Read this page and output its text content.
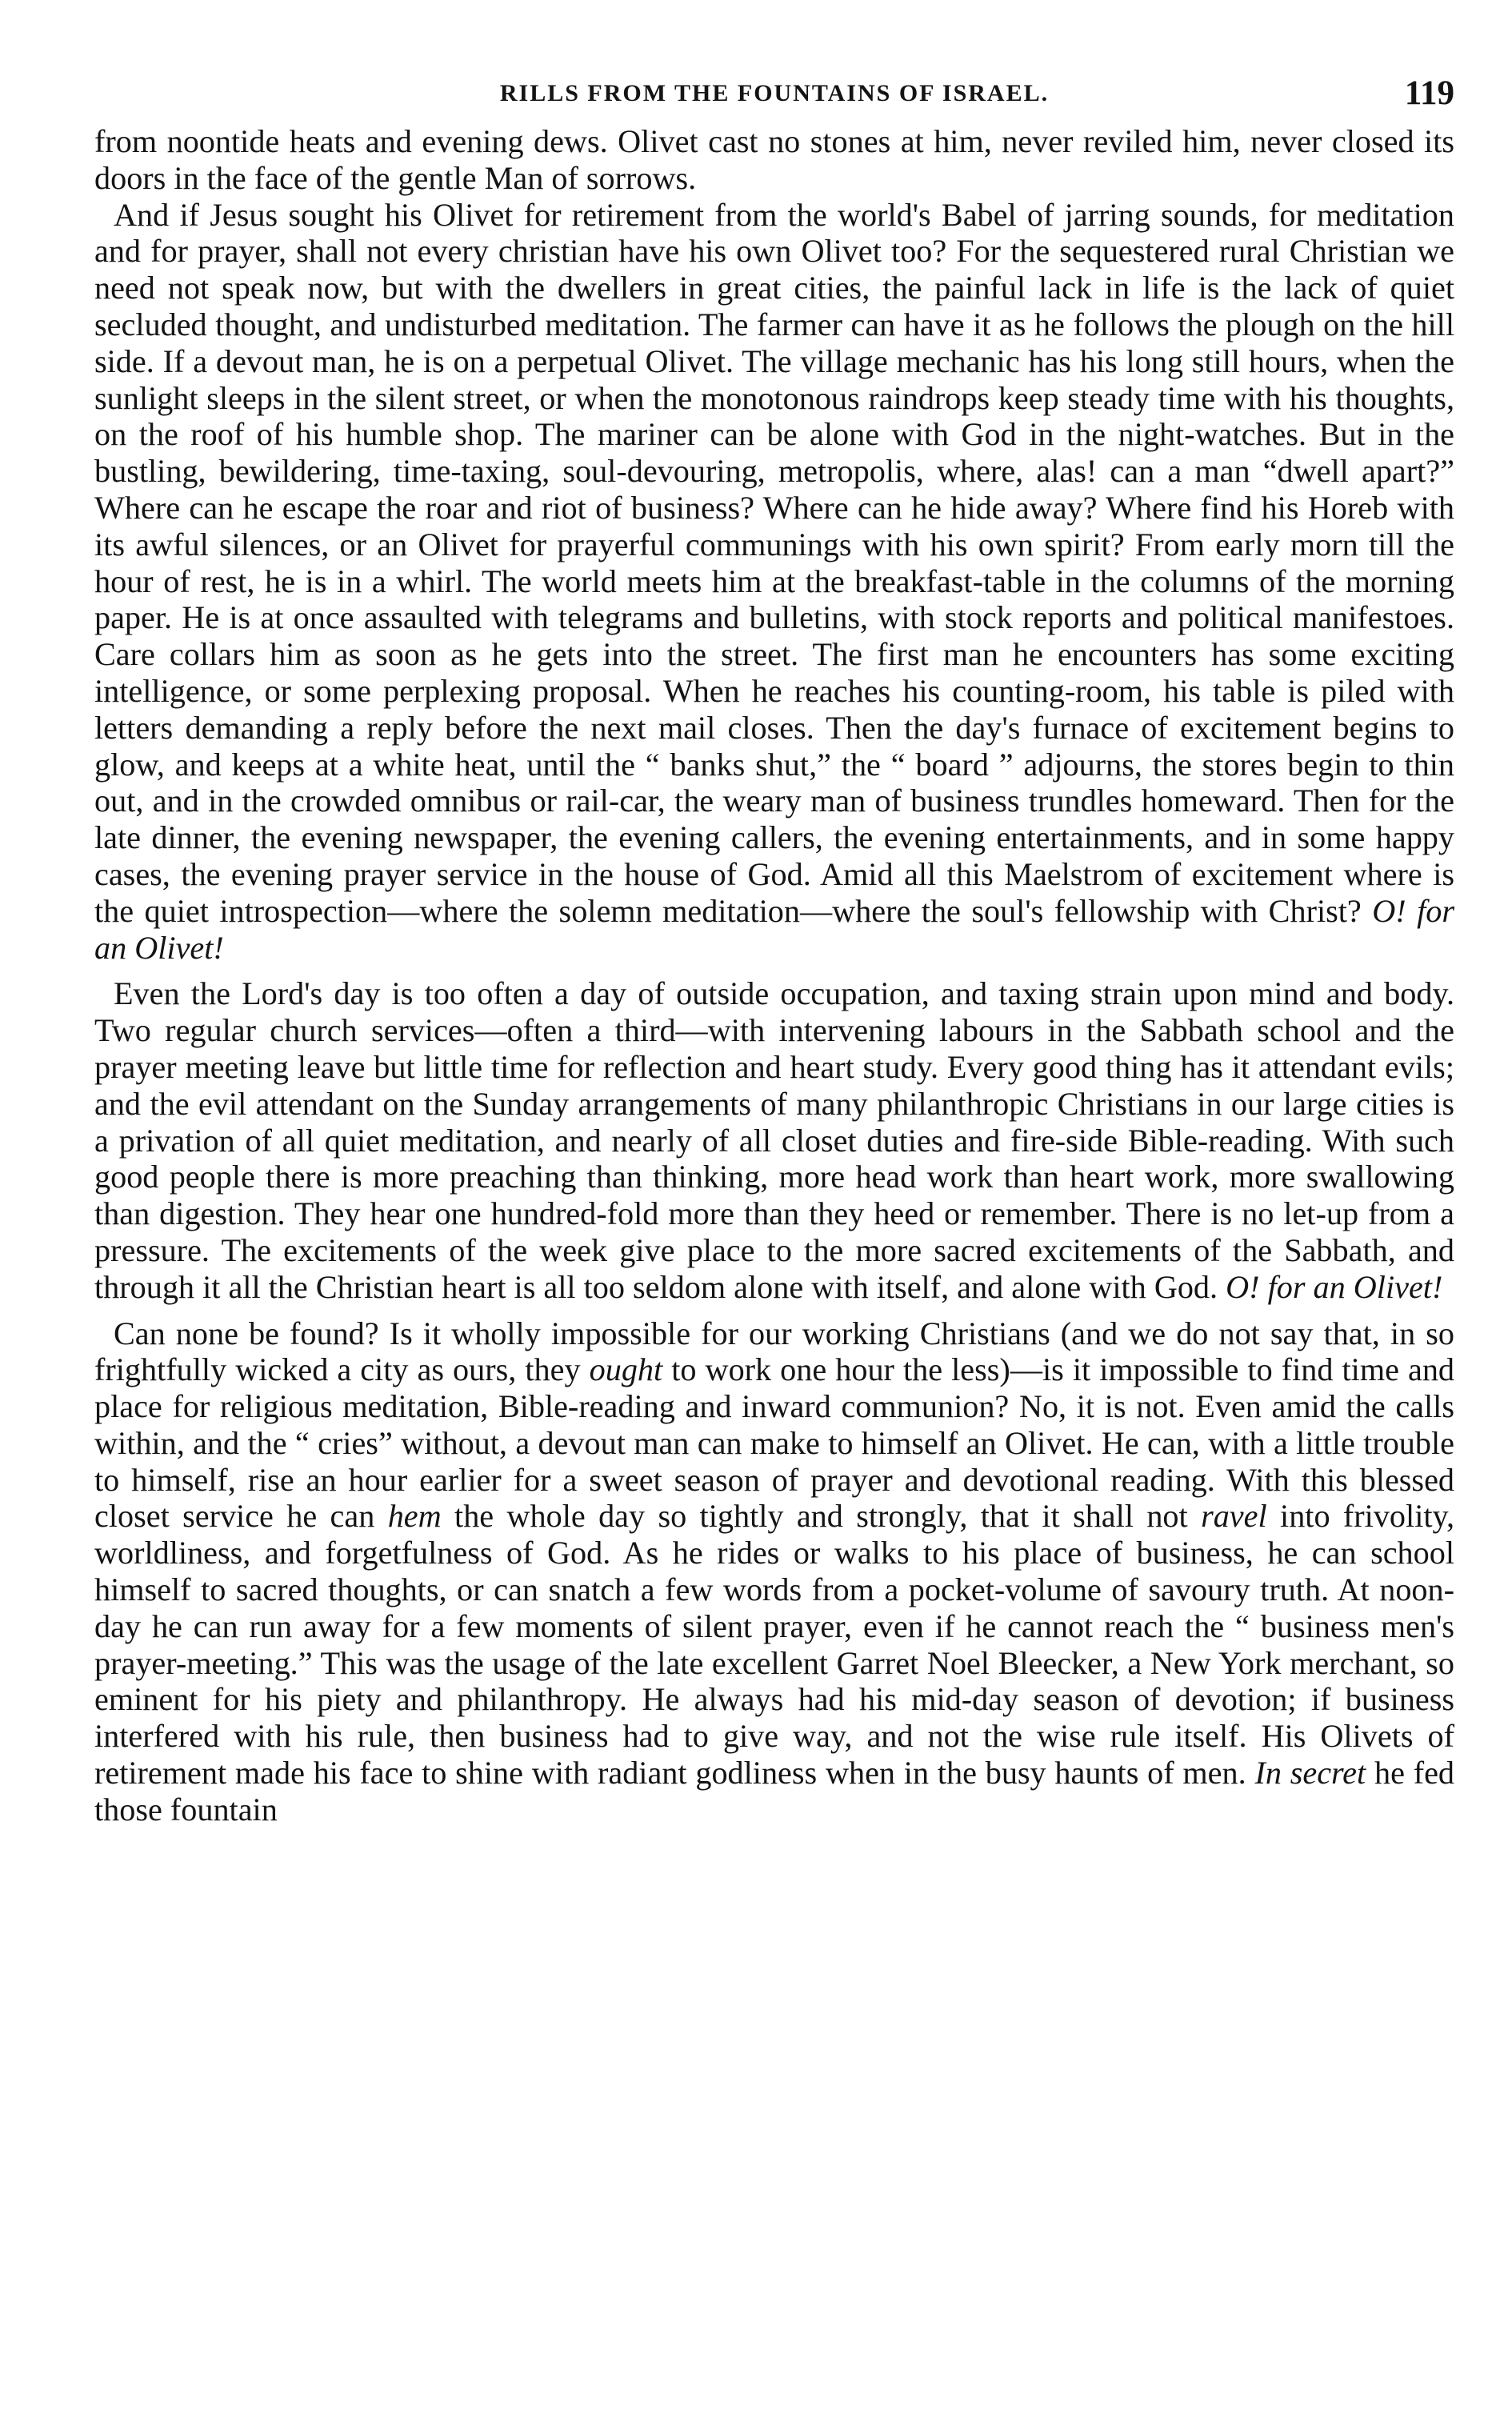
RILLS FROM THE FOUNTAINS OF ISRAEL.	119

from noontide heats and evening dews. Olivet cast no stones at him, never reviled him, never closed its doors in the face of the gentle Man of sorrows.

And if Jesus sought his Olivet for retirement from the world's Babel of jarring sounds, for meditation and for prayer, shall not every christian have his own Olivet too? For the sequestered rural Christian we need not speak now, but with the dwellers in great cities, the painful lack in life is the lack of quiet secluded thought, and undisturbed meditation. The farmer can have it as he follows the plough on the hill side. If a devout man, he is on a perpetual Olivet. The village mechanic has his long still hours, when the sunlight sleeps in the silent street, or when the monotonous raindrops keep steady time with his thoughts, on the roof of his humble shop. The mariner can be alone with God in the night-watches. But in the bustling, bewildering, time-taxing, soul-devouring, metropolis, where, alas! can a man “dwell apart?” Where can he escape the roar and riot of business? Where can he hide away? Where find his Horeb with its awful silences, or an Olivet for prayerful communings with his own spirit? From early morn till the hour of rest, he is in a whirl. The world meets him at the breakfast-table in the columns of the morning paper. He is at once assaulted with telegrams and bulletins, with stock reports and political manifestoes. Care collars him as soon as he gets into the street. The first man he encounters has some exciting intelligence, or some perplexing proposal. When he reaches his counting-room, his table is piled with letters demanding a reply before the next mail closes. Then the day's furnace of excitement begins to glow, and keeps at a white heat, until the “ banks shut,” the “ board ” adjourns, the stores begin to thin out, and in the crowded omnibus or rail-car, the weary man of business trundles homeward. Then for the late dinner, the evening newspaper, the evening callers, the evening entertainments, and in some happy cases, the evening prayer service in the house of God. Amid all this Maelstrom of excitement where is the quiet introspection—where the solemn meditation—where the soul's fellowship with Christ? O! for an Olivet!

Even the Lord's day is too often a day of outside occupation, and taxing strain upon mind and body. Two regular church services—often a third—with intervening labours in the Sabbath school and the prayer meeting leave but little time for reflection and heart study. Every good thing has it attendant evils; and the evil attendant on the Sunday arrangements of many philanthropic Christians in our large cities is a privation of all quiet meditation, and nearly of all closet duties and fire-side Bible-reading. With such good people there is more preaching than thinking, more head work than heart work, more swallowing than digestion. They hear one hundred-fold more than they heed or remember. There is no let-up from a pressure. The excitements of the week give place to the more sacred excitements of the Sabbath, and through it all the Christian heart is all too seldom alone with itself, and alone with God. O! for an Olivet!

Can none be found? Is it wholly impossible for our working Christians (and we do not say that, in so frightfully wicked a city as ours, they ought to work one hour the less)—is it impossible to find time and place for religious meditation, Bible-reading and inward communion? No, it is not. Even amid the calls within, and the “ cries” without, a devout man can make to himself an Olivet. He can, with a little trouble to himself, rise an hour earlier for a sweet season of prayer and devotional reading. With this blessed closet service he can hem the whole day so tightly and strongly, that it shall not ravel into frivolity, worldliness, and forgetfulness of God. As he rides or walks to his place of business, he can school himself to sacred thoughts, or can snatch a few words from a pocket-volume of savoury truth. At noon-day he can run away for a few moments of silent prayer, even if he cannot reach the “ business men's prayer-meeting.” This was the usage of the late excellent Garret Noel Bleecker, a New York merchant, so eminent for his piety and philanthropy. He always had his mid-day season of devotion; if business interfered with his rule, then business had to give way, and not the wise rule itself. His Olivets of retirement made his face to shine with radiant godliness when in the busy haunts of men. In secret he fed those fountain
